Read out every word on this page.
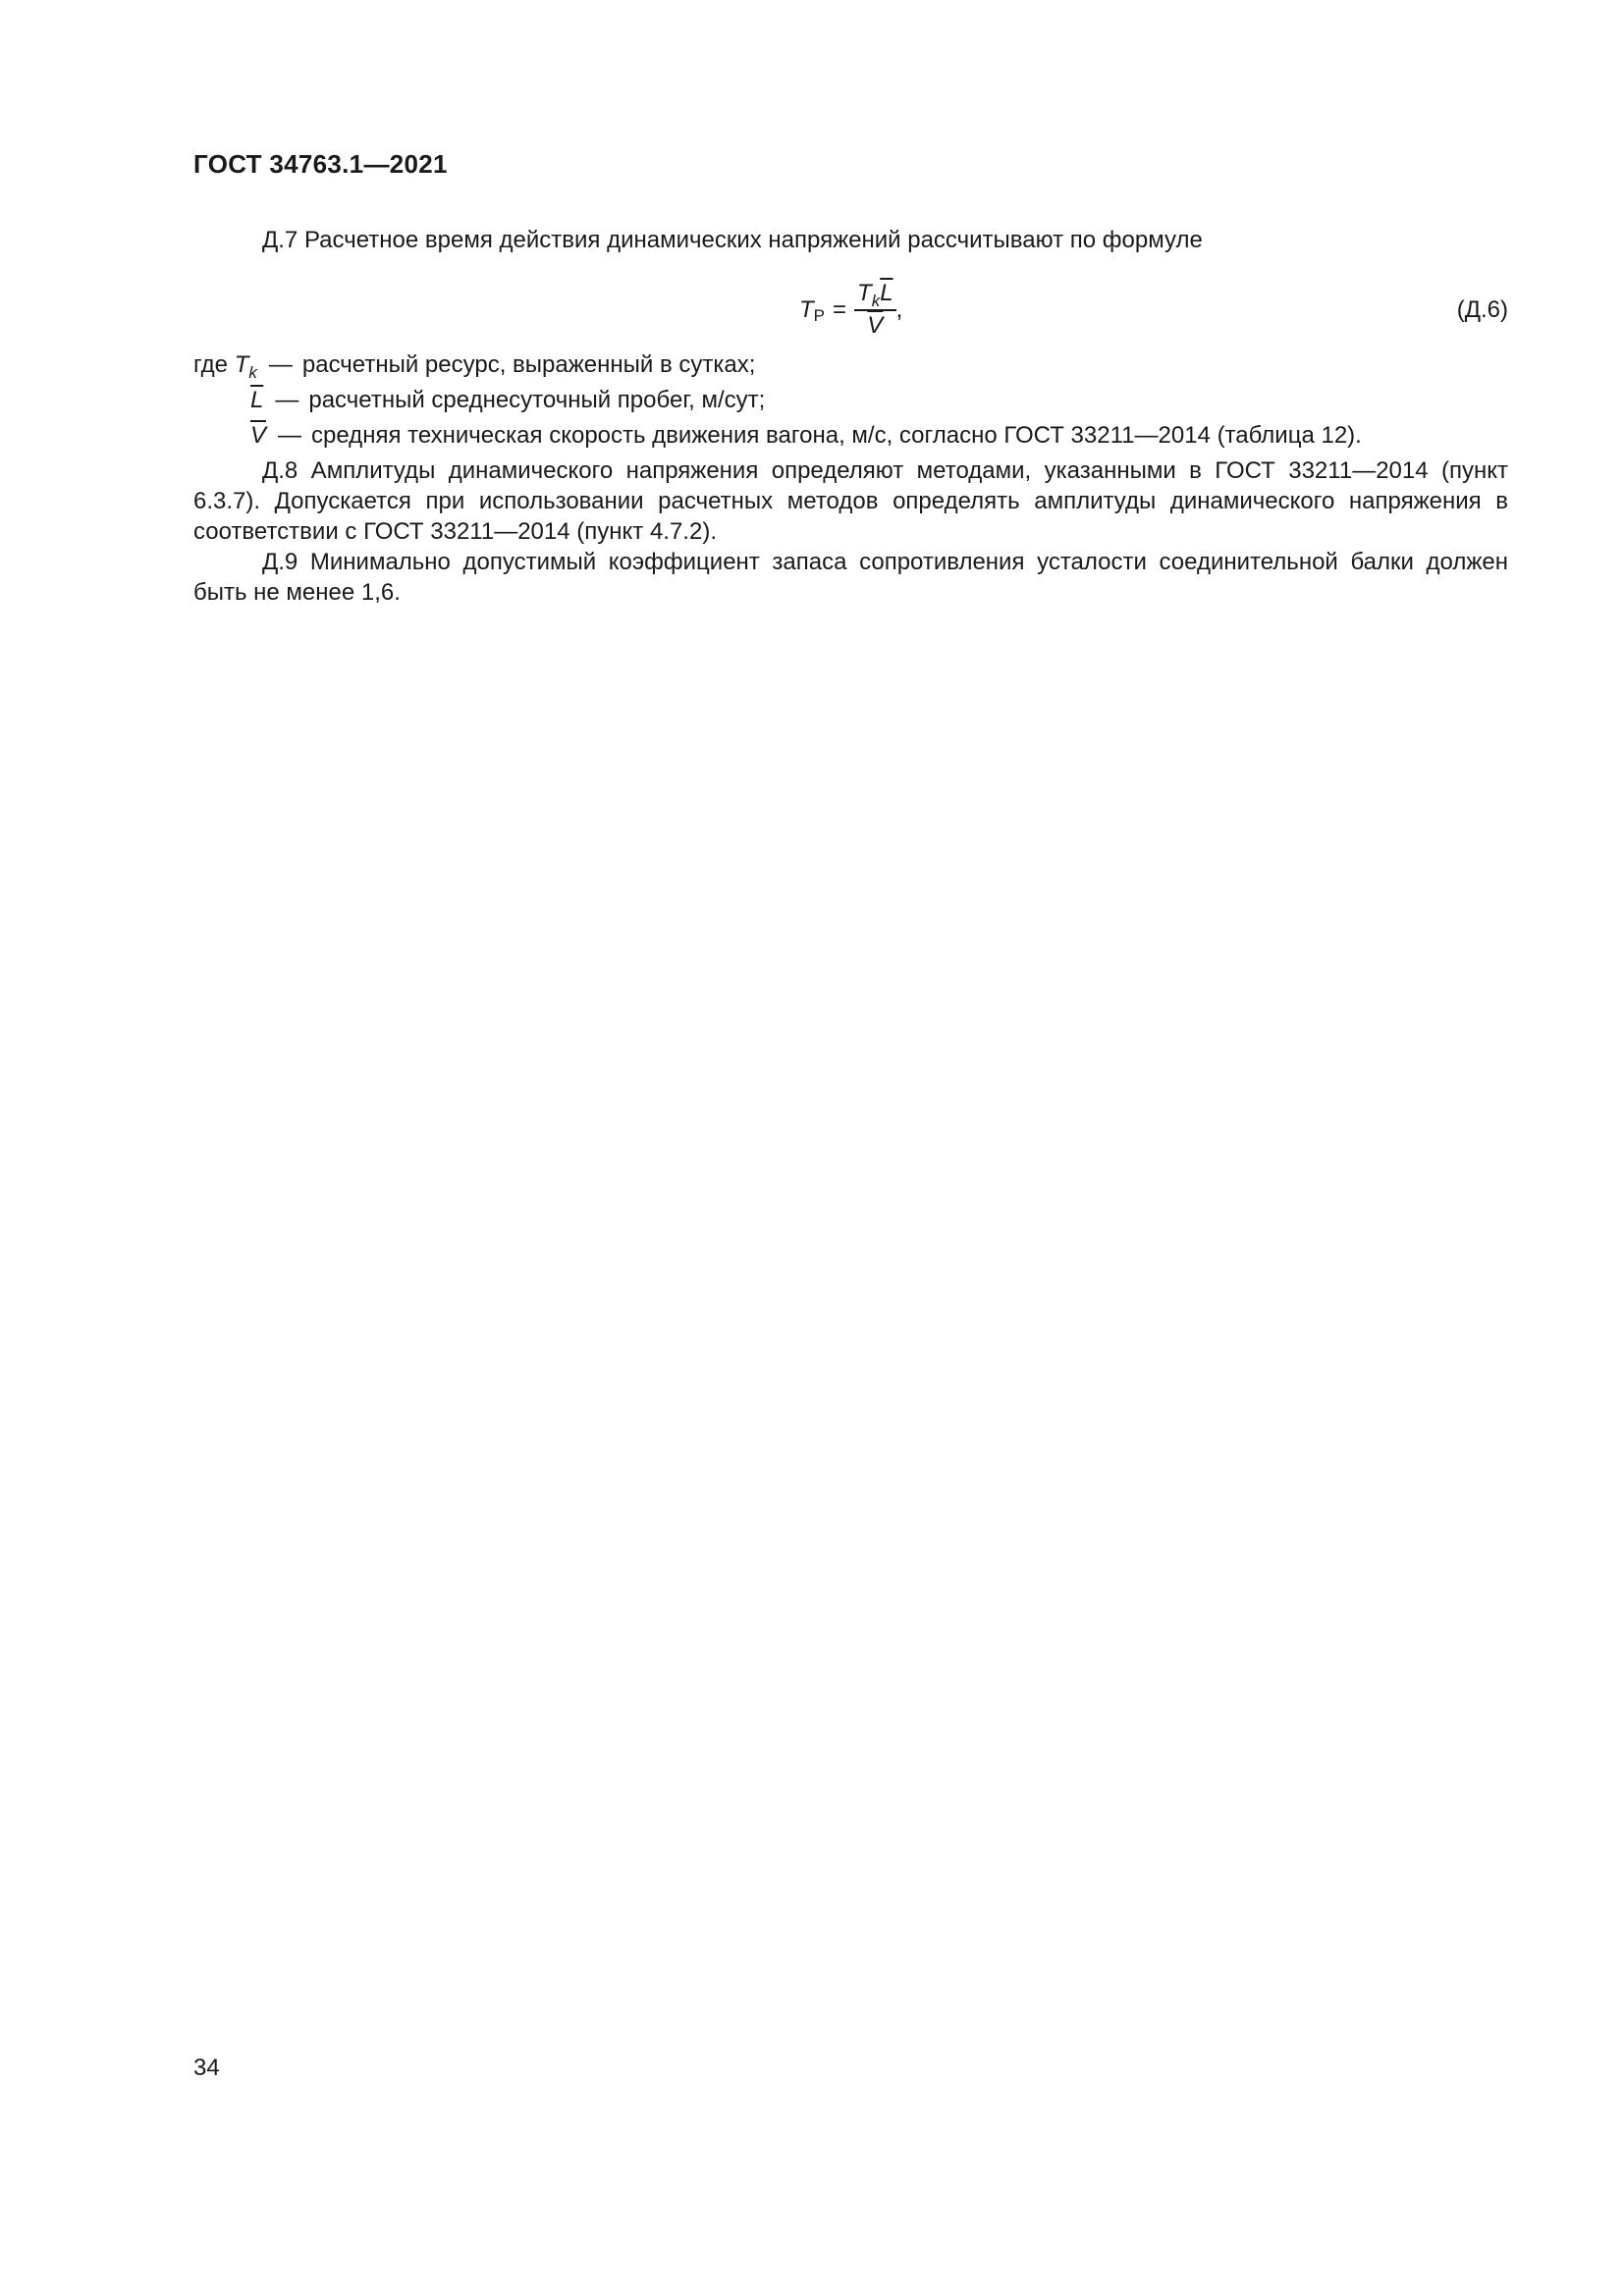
ГОСТ 34763.1—2021

Д.7 Расчетное время действия динамических напряжений рассчитывают по формуле

T $P = \frac{T_k\overline{L}}{V}$ ,	(Д.6)
где $T_k$ — расчетный ресурс, выраженный в сутках;
$\overline{L}$ — расчетный среднесуточный пробег, м/сут;
$\overline{V}$ — средняя техническая скорость движения вагона, м/с, согласно ГОСТ 33211—2014 (таблица 12).

Д.8 Амплитуды динамического напряжения определяют методами, указанными в ГОСТ 33211—2014 (пункт 6.3.7). Допускается при использовании расчетных методов определять амплитуды динамического напряжения в соответствии с ГОСТ 33211—2014 (пункт 4.7.2).

Д.9 Минимально допустимый коэффициент запаса сопротивления усталости соединительной балки должен быть не менее 1,6.

34
